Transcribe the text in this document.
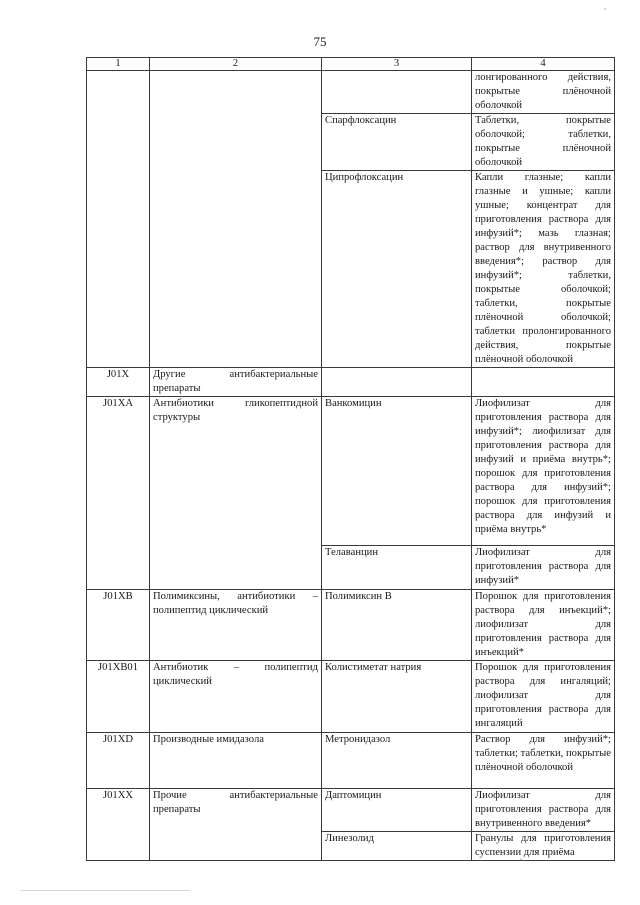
75
1	2	3	4
			лонгированного действия, покрытые плёночной оболочкой
		Спарфлоксацин	Таблетки, покрытые оболочкой; таблетки, покрытые плёночной оболочкой
		Ципрофлоксацин	Капли глазные; капли глазные и ушные; капли ушные; концентрат для приготовления раствора для инфузий*; мазь глазная; раствор для внутривенного введения*; раствор для инфузий*; таблетки, покрытые оболочкой; таблетки, покрытые плёночной оболочкой; таблетки пролонгированного действия, покрытые плёночной оболочкой
J01X	Другие антибактериальные препараты		
J01XA	Антибиотики гликопептидной структуры	Ванкомицин	Лиофилизат для приготовления раствора для инфузий*; лиофилизат для приготовления раствора для инфузий и приёма внутрь*; порошок для приготовления раствора для инфузий*; порошок для приготовления раствора для инфузий и приёма внутрь*
		Телаванцин	Лиофилизат для приготовления раствора для инфузий*
J01XB	Полимиксины, антибиотики – полипептид циклический	Полимиксин В	Порошок для приготовления раствора для инъекций*; лиофилизат для приготовления раствора для инъекций*
J01XB01	Антибиотик – полипептид циклический	Колистиметат натрия	Порошок для приготовления раствора для ингаляций; лиофилизат для приготовления раствора для ингаляций
J01XD	Производные имидазола	Метронидазол	Раствор для инфузий*; таблетки; таблетки, покрытые плёночной оболочкой
J01XX	Прочие антибактериальные препараты	Даптомицин	Лиофилизат для приготовления раствора для внутривенного введения*
		Линезолид	Гранулы для приготовления суспензии для приёма
